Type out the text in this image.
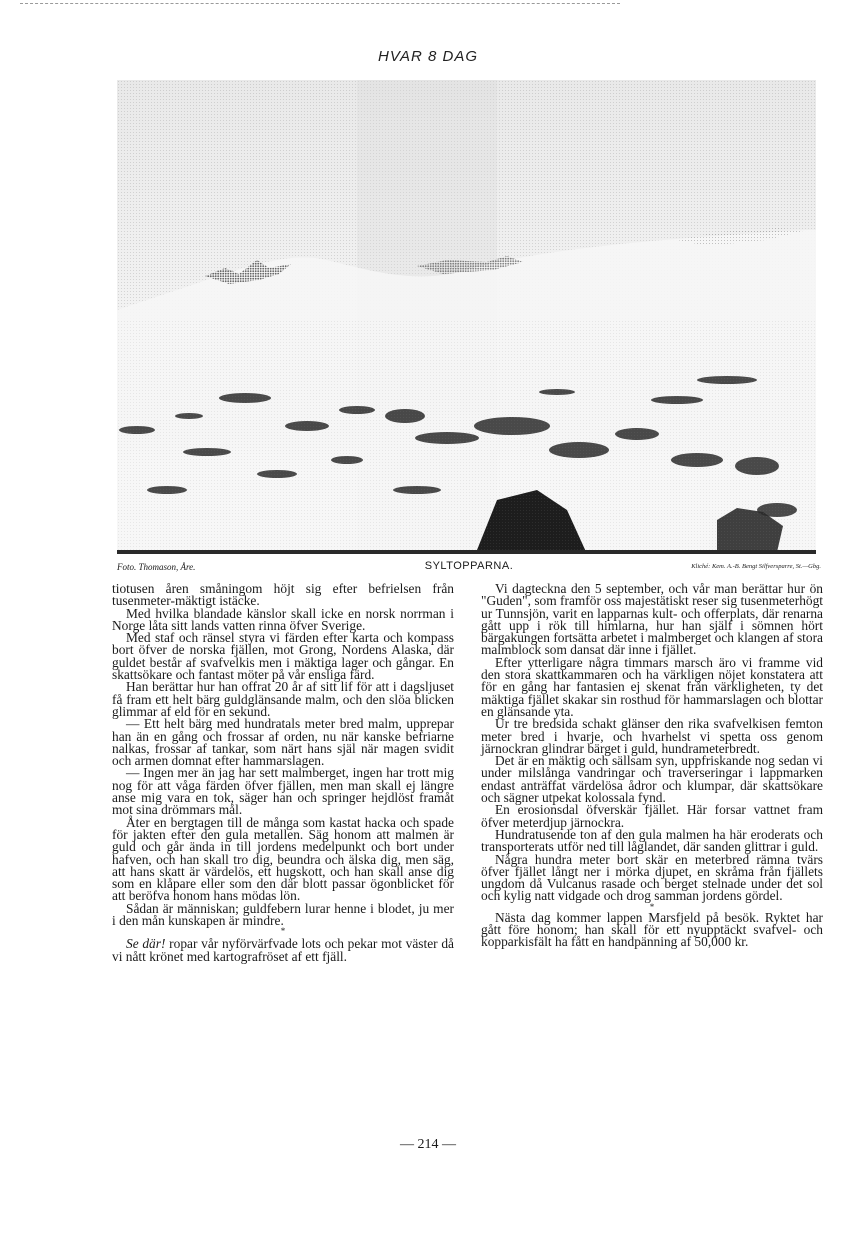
HVAR 8 DAG
Foto. Thomason, Åre.	SYLTOPPARNA.	Kliché: Kem. A.-B. Bengt Silfversparre, St.—Gbg.

tiotusen åren småningom höjt sig efter befrielsen från tusenmeter-mäktigt istäcke.

Med hvilka blandade känslor skall icke en norsk norrman i Norge låta sitt lands vatten rinna öfver Sverige.

Med staf och ränsel styra vi färden efter karta och kompass bort öfver de norska fjällen, mot Grong, Nordens Alaska, där guldet består af svafvelkis men i mäktiga lager och gångar. En skattsökare och fantast möter på vår ensliga färd.

Han berättar hur han offrat 20 år af sitt lif för att i dagsljuset få fram ett helt bärg guldglänsande malm, och den slöa blicken glimmar af eld för en sekund.

— Ett helt bärg med hundratals meter bred malm, upprepar han än en gång och frossar af orden, nu när kanske befriarne nalkas, frossar af tankar, som närt hans själ när magen svidit och armen domnat efter hammarslagen.

— Ingen mer än jag har sett malmberget, ingen har trott mig nog för att våga färden öfver fjällen, men man skall ej längre anse mig vara en tok, säger han och springer hejdlöst framåt mot sina drömmars mål.

Åter en bergtagen till de många som kastat hacka och spade för jakten efter den gula metallen. Säg honom att malmen är guld och går ända in till jordens medelpunkt och bort under hafven, och han skall tro dig, beundra och älska dig, men säg, att hans skatt är värdelös, ett hugskott, och han skall anse dig som en klåpare eller som den där blott passar ögonblicket för att beröfva honom hans mödas lön.

Sådan är människan; guldfebern lurar henne i blodet, ju mer i den mån kunskapen är mindre.

*

Se där! ropar vår nyförvärfvade lots och pekar mot väster då vi nått krönet med kartografröset af ett fjäll.

Vi dagteckna den 5 september, och vår man berättar hur ön "Guden", som framför oss majestätiskt reser sig tusenmeterhögt ur Tunnsjön, varit en lapparnas kult- och offerplats, där renarna gått upp i rök till himlarna, hur han själf i sömnen hört bärgakungen fortsätta arbetet i malmberget och klangen af stora malmblock som dansat där inne i fjället.

Efter ytterligare några timmars marsch äro vi framme vid den stora skattkammaren och ha värkligen nöjet konstatera att för en gång har fantasien ej skenat från värkligheten, ty det mäktiga fjället skakar sin rosthud för hammarslagen och blottar en glänsande yta.

Ur tre bredsida schakt glänser den rika svafvelkisen femton meter bred i hvarje, och hvarhelst vi spetta oss genom järnockran glindrar bärget i guld, hundrameterbredt.

Det är en mäktig och sällsam syn, uppfriskande nog sedan vi under milslånga vandringar och traverseringar i lappmarken endast anträffat värdelösa ådror och klumpar, där skattsökare och sägner utpekat kolossala fynd.

En erosionsdal öfverskär fjället. Här forsar vattnet fram öfver meterdjup järnockra.

Hundratusende ton af den gula malmen ha här eroderats och transporterats utför ned till låglandet, där sanden glittrar i guld.

Några hundra meter bort skär en meterbred rämna tvärs öfver fjället långt ner i mörka djupet, en skråma från fjällets ungdom då Vulcanus rasade och berget stelnade under det sol och kylig natt vidgade och drog samman jordens gördel.

*

Nästa dag kommer lappen Marsfjeld på besök. Ryktet har gått före honom; han skall för ett nyupptäckt svafvel- och kopparkisfält ha fått en handpänning af 50,000 kr.

— 214 —
